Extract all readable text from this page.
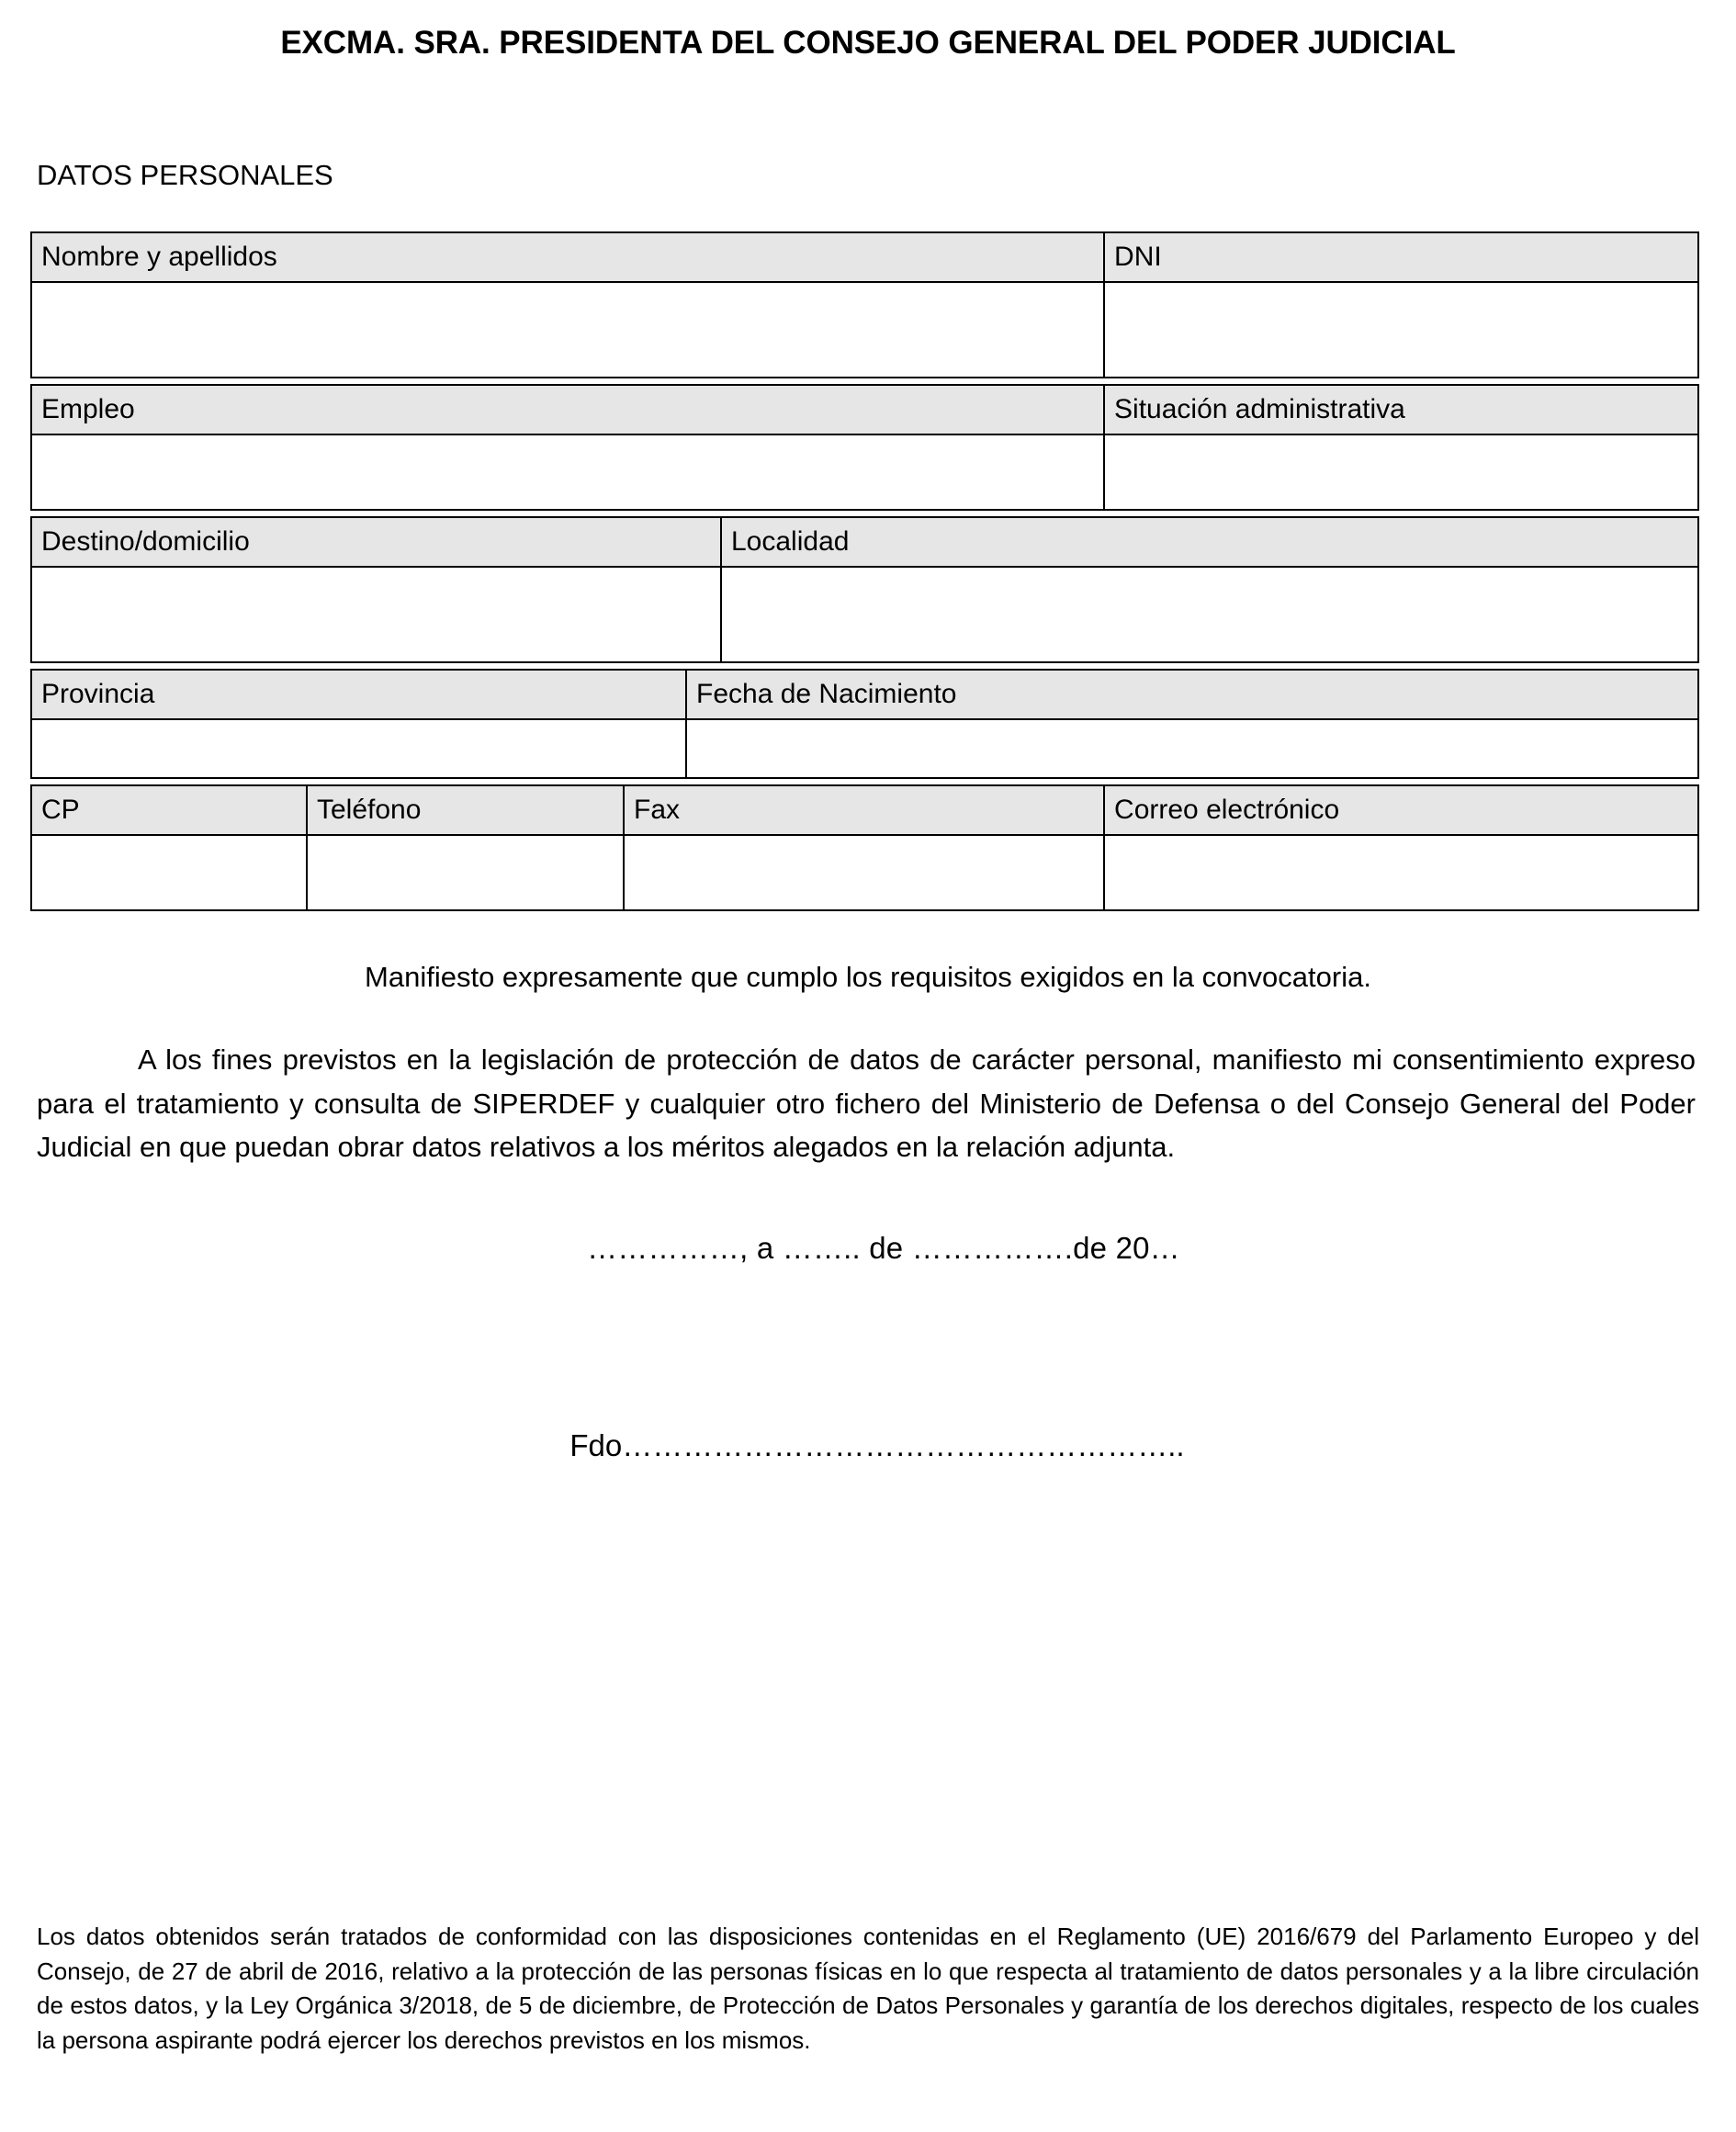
EXCMA. SRA. PRESIDENTA DEL CONSEJO GENERAL DEL PODER JUDICIAL
DATOS PERSONALES
Nombre y apellidos					DNI

Empleo					Situación administrativa

Destino/domicilio				Localidad	

Provincia			Fecha de Nacimiento		

CP	Teléfono	Fax			Correo electrónico

Manifiesto expresamente que cumplo los requisitos exigidos en la convocatoria.

A los fines previstos en la legislación de protección de datos de carácter personal, manifiesto mi consentimiento expreso para el tratamiento y consulta de SIPERDEF y cualquier otro fichero del Ministerio de Defensa o del Consejo General del Poder Judicial en que puedan obrar datos relativos a los méritos alegados en la relación adjunta.

……………, a …….. de …………….de 20…

Fdo………………………………………………..

Los datos obtenidos serán tratados de conformidad con las disposiciones contenidas en el Reglamento (UE) 2016/679 del Parlamento Europeo y del Consejo, de 27 de abril de 2016, relativo a la protección de las personas físicas en lo que respecta al tratamiento de datos personales y a la libre circulación de estos datos, y la Ley Orgánica 3/2018, de 5 de diciembre, de Protección de Datos Personales y garantía de los derechos digitales, respecto de los cuales la persona aspirante podrá ejercer los derechos previstos en los mismos.
